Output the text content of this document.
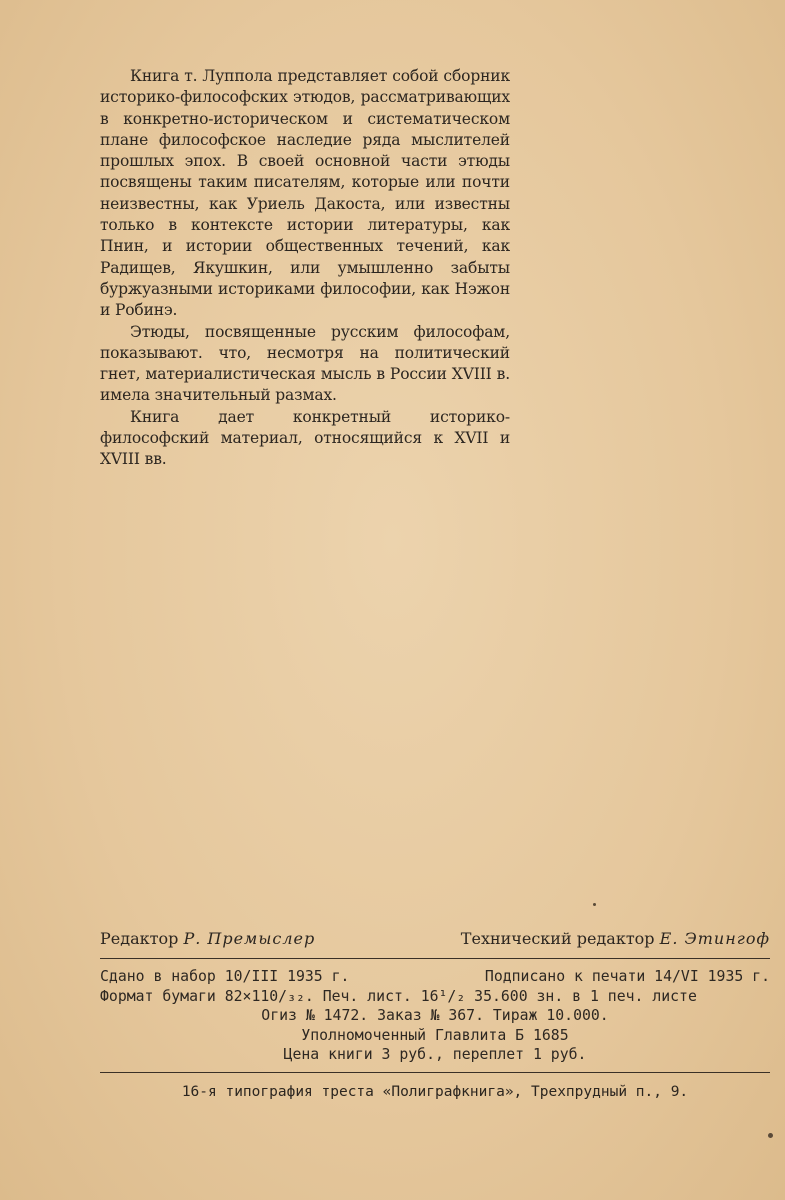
Книга т. Луппола представляет собой сборник историко-философских этюдов, рассматривающих в конкретно-историческом и систематическом плане философское наследие ряда мыслителей прошлых эпох. В своей основной части этюды посвящены таким писателям, которые или почти неизвестны, как Уриель Дакоста, или известны только в контексте истории литературы, как Пнин, и истории общественных течений, как Радищев, Якушкин, или умышленно забыты буржуазными историками философии, как Нэжон и Робинэ.

Этюды, посвященные русским философам, показывают. что, несмотря на политический гнет, материалистическая мысль в России XVIII в. имела значительный размах.

Книга дает конкретный историко-философский материал, относящийся к XVII и XVIII вв.

Редактор Р. Премыслер	Технический редактор Е. Этингоф
Сдано в набор 10/III 1935 г.	Подписано к печати 14/VI 1935 г.
Формат бумаги 82×110/₃₂. Печ. лист. 16¹/₂ 35.600 зн. в 1 печ. листе
Огиз № 1472. Заказ № 367. Тираж 10.000.
Уполномоченный Главлита Б 1685
Цена книги 3 руб., переплет 1 руб.
16-я типография треста «Полиграфкнига», Трехпрудный п., 9.
